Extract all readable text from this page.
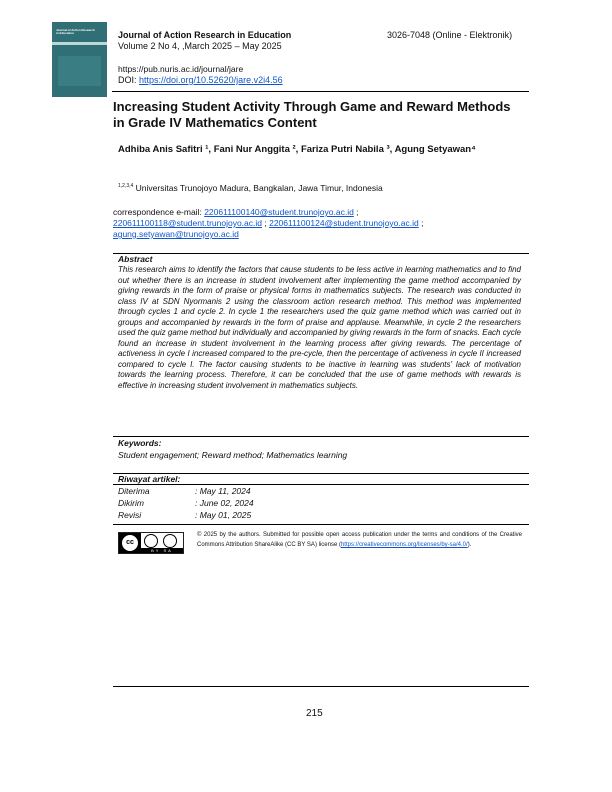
Journal of Action Research in Education	Journal of Action Research in Education	3026-7048 (Online - Elektronik)
Volume 2 No 4, ,March 2025 – May 2025
https://pub.nuris.ac.id/journal/jare
DOI: https://doi.org/10.52620/jare.v2i4.56
Increasing Student Activity Through Game and Reward Methods in Grade IV Mathematics Content
Adhiba Anis Safitri ¹, Fani Nur Anggita ², Fariza Putri Nabila ³, Agung Setyawan⁴
$^{1,2,3,4}$ Universitas Trunojoyo Madura, Bangkalan, Jawa Timur, Indonesia
correspondence e-mail: 220611100140@student.trunojoyo.ac.id ;
220611100118@student.trunojoyo.ac.id ; 220611100124@student.trunojoyo.ac.id ;
agung.setyawan@trunojoyo.ac.id
Abstract
This research aims to identify the factors that cause students to be less active in learning mathematics and to find out whether there is an increase in student involvement after implementing the game method accompanied by giving rewards in the form of praise or physical forms in mathematics subjects. The research was conducted in class IV at SDN Nyormanis 2 using the classroom action research method. This method was implemented through cycles 1 and cycle 2. In cycle 1 the researchers used the quiz game method which was carried out in groups and accompanied by rewards in the form of praise and applause. Meanwhile, in cycle 2 the researchers used the quiz game method but individually and accompanied by giving rewards in the form of snacks. Each cycle found an increase in student involvement in the learning process after giving rewards. The percentage of activeness in cycle I increased compared to the pre-cycle, then the percentage of activeness in cycle II increased compared to cycle I. The factor causing students to be inactive in learning was students' lack of motivation towards the learning process. Therefore, it can be concluded that the use of game methods with rewards is effective in increasing student involvement in mathematics subjects.
Keywords:
Student engagement; Reward method; Mathematics learning
Riwayat artikel:
Diterima	: May 11, 2024
Dikirim	: June 02, 2024
Revisi	: May 01, 2025
cc
BY SA
© 2025 by the authors. Submitted for possible open access publication under the terms and conditions of the Creative Commons Attribution ShareAlike (CC BY SA) license (https://creativecommons.org/licenses/by-sa/4.0/).
215
